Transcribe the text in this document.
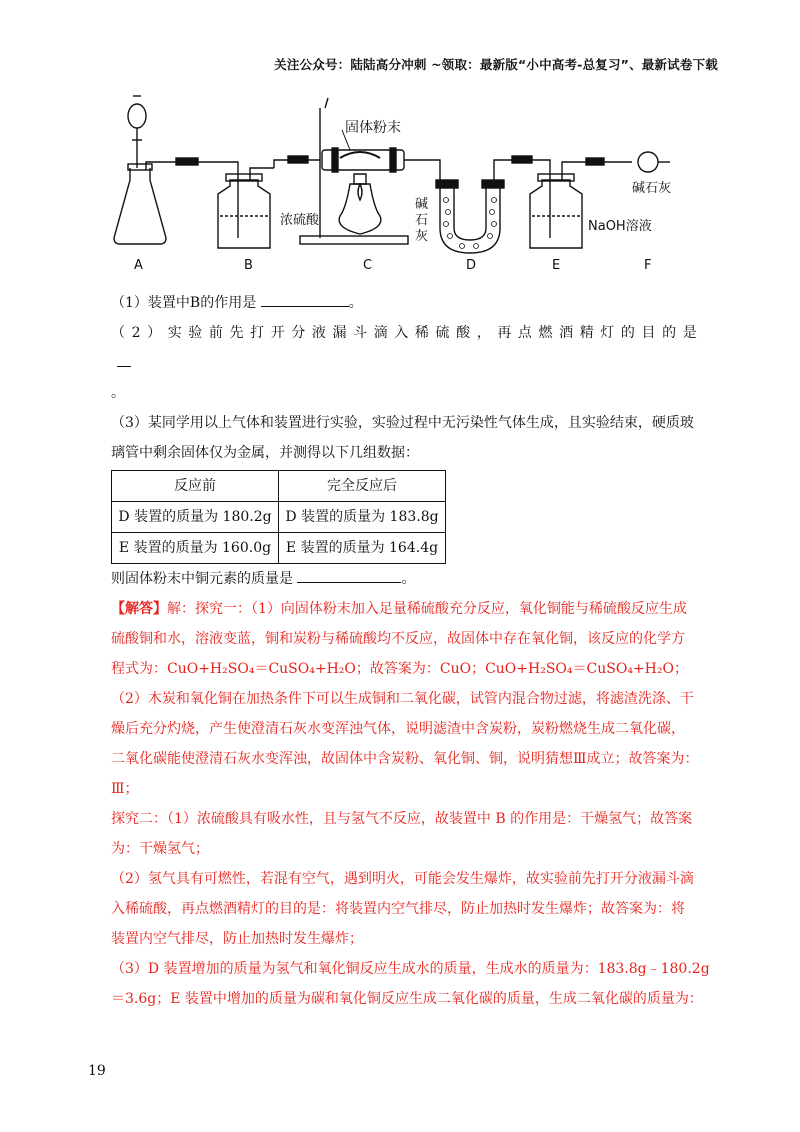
关注公众号：陆陆高分冲刺 ~领取：最新版“小中高考-总复习”、最新试卷下载
固体粉末
浓硫酸
碱
石
灰
碱石灰
NaOH溶液
A	B	C	D	E	F

（1）装置中B的作用是	。

（2）实验前先打开分液漏斗滴入稀硫酸，再点燃酒精灯的目的是

。

（3）某同学用以上气体和装置进行实验，实验过程中无污染性气体生成，且实验结束，硬质玻

璃管中剩余固体仅为金属，并测得以下几组数据：

反应前	完全反应后
D 装置的质量为 180.2g	D 装置的质量为 183.8g
E 装置的质量为 160.0g	E 装置的质量为 164.4g

则固体粉末中铜元素的质量是	。

【解答】解：探究一：（1）向固体粉末加入足量稀硫酸充分反应，氧化铜能与稀硫酸反应生成

硫酸铜和水，溶液变蓝，铜和炭粉与稀硫酸均不反应，故固体中存在氧化铜，该反应的化学方

程式为：CuO+H₂SO₄＝CuSO₄+H₂O；故答案为：CuO；CuO+H₂SO₄＝CuSO₄+H₂O；

（2）木炭和氧化铜在加热条件下可以生成铜和二氧化碳，试管内混合物过滤，将滤渣洗涤、干

燥后充分灼烧，产生使澄清石灰水变浑浊气体，说明滤渣中含炭粉，炭粉燃烧生成二氧化碳，

二氧化碳能使澄清石灰水变浑浊，故固体中含炭粉、氧化铜、铜，说明猜想Ⅲ成立；故答案为：

Ⅲ；

探究二：（1）浓硫酸具有吸水性，且与氢气不反应，故装置中 B 的作用是：干燥氢气；故答案

为：干燥氢气；

（2）氢气具有可燃性，若混有空气，遇到明火，可能会发生爆炸，故实验前先打开分液漏斗滴

入稀硫酸，再点燃酒精灯的目的是：将装置内空气排尽，防止加热时发生爆炸；故答案为：将

装置内空气排尽，防止加热时发生爆炸；

（3）D 装置增加的质量为氢气和氧化铜反应生成水的质量，生成水的质量为：183.8g﹣180.2g

＝3.6g；E 装置中增加的质量为碳和氧化铜反应生成二氧化碳的质量，生成二氧化碳的质量为：

19
